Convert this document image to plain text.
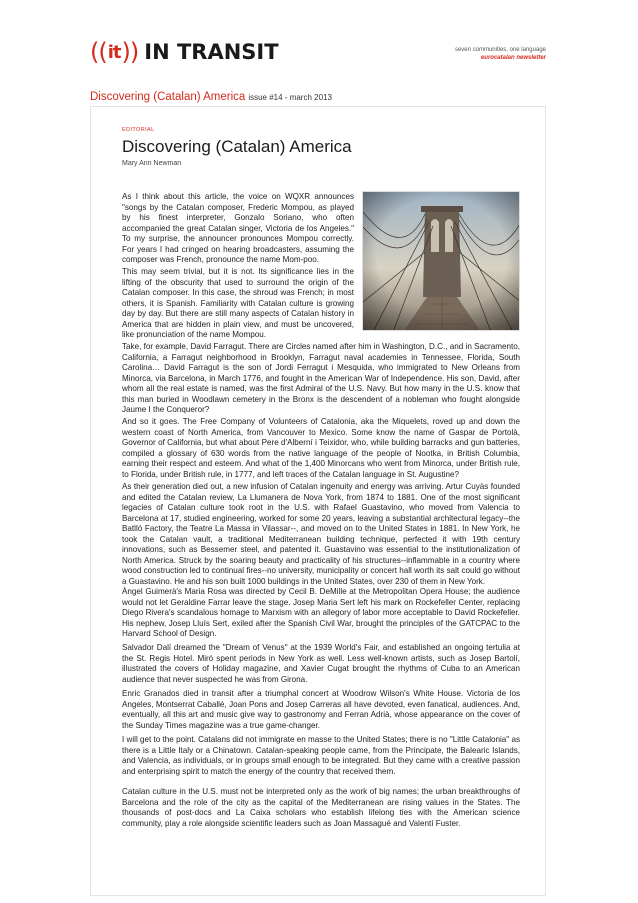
(( it )) IN TRANSIT	seven communities, one language
eurocatalan newsletter
Discovering (Catalan) America issue #14 - march 2013
EDITORIAL
Discovering (Catalan) America
Mary Ann Newman

As I think about this article, the voice on WQXR announces "songs by the Catalan composer, Frederic Mompou, as played by his finest interpreter, Gonzalo Soriano, who often accompanied the great Catalan singer, Victoria de los Angeles." To my surprise, the announcer pronounces Mompou correctly. For years I had cringed on hearing broadcasters, assuming the composer was French, pronounce the name Mom-poo.

This may seem trivial, but it is not. Its significance lies in the lifting of the obscurity that used to surround the origin of the Catalan composer. In this case, the shroud was French; in most others, it is Spanish. Familiarity with Catalan culture is growing day by day. But there are still many aspects of Catalan history in America that are hidden in plain view, and must be uncovered, like pronunciation of the name Mompou.

Take, for example, David Farragut. There are Circles named after him in Washington, D.C., and in Sacramento, California, a Farragut neighborhood in Brooklyn, Farragut naval academies in Tennessee, Florida, South Carolina… David Farragut is the son of Jordi Ferragut i Mesquida, who immigrated to New Orleans from Minorca, via Barcelona, in March 1776, and fought in the American War of Independence. His son, David, after whom all the real estate is named, was the first Admiral of the U.S. Navy. But how many in the U.S. know that this man buried in Woodlawn cemetery in the Bronx is the descendent of a nobleman who fought alongside Jaume I the Conqueror?

And so it goes. The Free Company of Volunteers of Catalonia, aka the Miquelets, roved up and down the western coast of North America, from Vancouver to Mexico. Some know the name of Gaspar de Portolà, Governor of California, but what about Pere d'Alberní i Teixidor, who, while building barracks and gun batteries, compiled a glossary of 630 words from the native language of the people of Nootka, in British Columbia, earning their respect and esteem. And what of the 1,400 Minorcans who went from Minorca, under British rule, to Florida, under British rule, in 1777, and left traces of the Catalan language in St. Augustine?

As their generation died out, a new infusion of Catalan ingenuity and energy was arriving. Artur Cuyàs founded and edited the Catalan review, La Llumanera de Nova York, from 1874 to 1881. One of the most significant legacies of Catalan culture took root in the U.S. with Rafael Guastavino, who moved from Valencia to Barcelona at 17, studied engineering, worked for some 20 years, leaving a substantial architectural legacy--the Batlló Factory, the Teatre La Massa in Vilassar--, and moved on to the United States in 1881. In New York, he took the Catalan vault, a traditional Mediterranean building technique, perfected it with 19th century innovations, such as Bessemer steel, and patented it. Guastavino was essential to the institutionalization of North America. Struck by the soaring beauty and practicality of his structures--inflammable in a country where wood construction led to continual fires--no university, municipality or concert hall worth its salt could go without a Guastavino. He and his son built 1000 buildings in the United States, over 230 of them in New York.

Àngel Guimerà's Maria Rosa was directed by Cecil B. DeMille at the Metropolitan Opera House; the audience would not let Geraldine Farrar leave the stage. Josep Maria Sert left his mark on Rockefeller Center, replacing Diego Rivera's scandalous homage to Marxism with an allegory of labor more acceptable to David Rockefeller. His nephew, Josep Lluís Sert, exiled after the Spanish Civil War, brought the principles of the GATCPAC to the Harvard School of Design.

Salvador Dalí dreamed the "Dream of Venus" at the 1939 World's Fair, and established an ongoing tertulia at the St. Regis Hotel. Miró spent periods in New York as well. Less well-known artists, such as Josep Bartolí, illustrated the covers of Holiday magazine, and Xavier Cugat brought the rhythms of Cuba to an American audience that never suspected he was from Girona.

Enric Granados died in transit after a triumphal concert at Woodrow Wilson's White House. Victoria de los Angeles, Montserrat Caballé, Joan Pons and Josep Carreras all have devoted, even fanatical, audiences. And, eventually, all this art and music give way to gastronomy and Ferran Adrià, whose appearance on the cover of the Sunday Times magazine was a true game-changer.

I will get to the point. Catalans did not immigrate en masse to the United States; there is no "Little Catalonia" as there is a Little Italy or a Chinatown. Catalan-speaking people came, from the Principate, the Balearic Islands, and Valencia, as individuals, or in groups small enough to be integrated. But they came with a creative passion and enterprising spirit to match the energy of the country that received them.

Catalan culture in the U.S. must not be interpreted only as the work of big names; the urban breakthroughs of Barcelona and the role of the city as the capital of the Mediterranean are rising values in the States. The thousands of post-docs and La Caixa scholars who establish lifelong ties with the American science community, play a role alongside scientific leaders such as Joan Massagué and Valentí Fuster.
